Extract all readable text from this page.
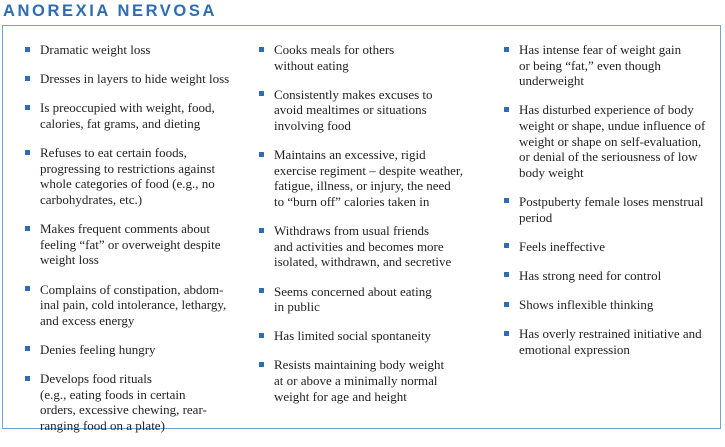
ANOREXIA NERVOSA
Dramatic weight loss
Dresses in layers to hide weight loss
Is preoccupied with weight, food,
calories, fat grams, and dieting
Refuses to eat certain foods,
progressing to restrictions against
whole categories of food (e.g., no
carbohydrates, etc.)
Makes frequent comments about
feeling “fat” or overweight despite
weight loss
Complains of constipation, abdom-
inal pain, cold intolerance, lethargy,
and excess energy
Denies feeling hungry
Develops food rituals
(e.g., eating foods in certain
orders, excessive chewing, rear-
ranging food on a plate)
Cooks meals for others
without eating
Consistently makes excuses to
avoid mealtimes or situations
involving food
Maintains an excessive, rigid
exercise regiment – despite weather,
fatigue, illness, or injury, the need
to “burn off” calories taken in
Withdraws from usual friends
and activities and becomes more
isolated, withdrawn, and secretive
Seems concerned about eating
in public
Has limited social spontaneity
Resists maintaining body weight
at or above a minimally normal
weight for age and height
Has intense fear of weight gain
or being “fat,” even though
underweight
Has disturbed experience of body
weight or shape, undue influence of
weight or shape on self-evaluation,
or denial of the seriousness of low
body weight
Postpuberty female loses menstrual
period
Feels ineffective
Has strong need for control
Shows inflexible thinking
Has overly restrained initiative and
emotional expression
